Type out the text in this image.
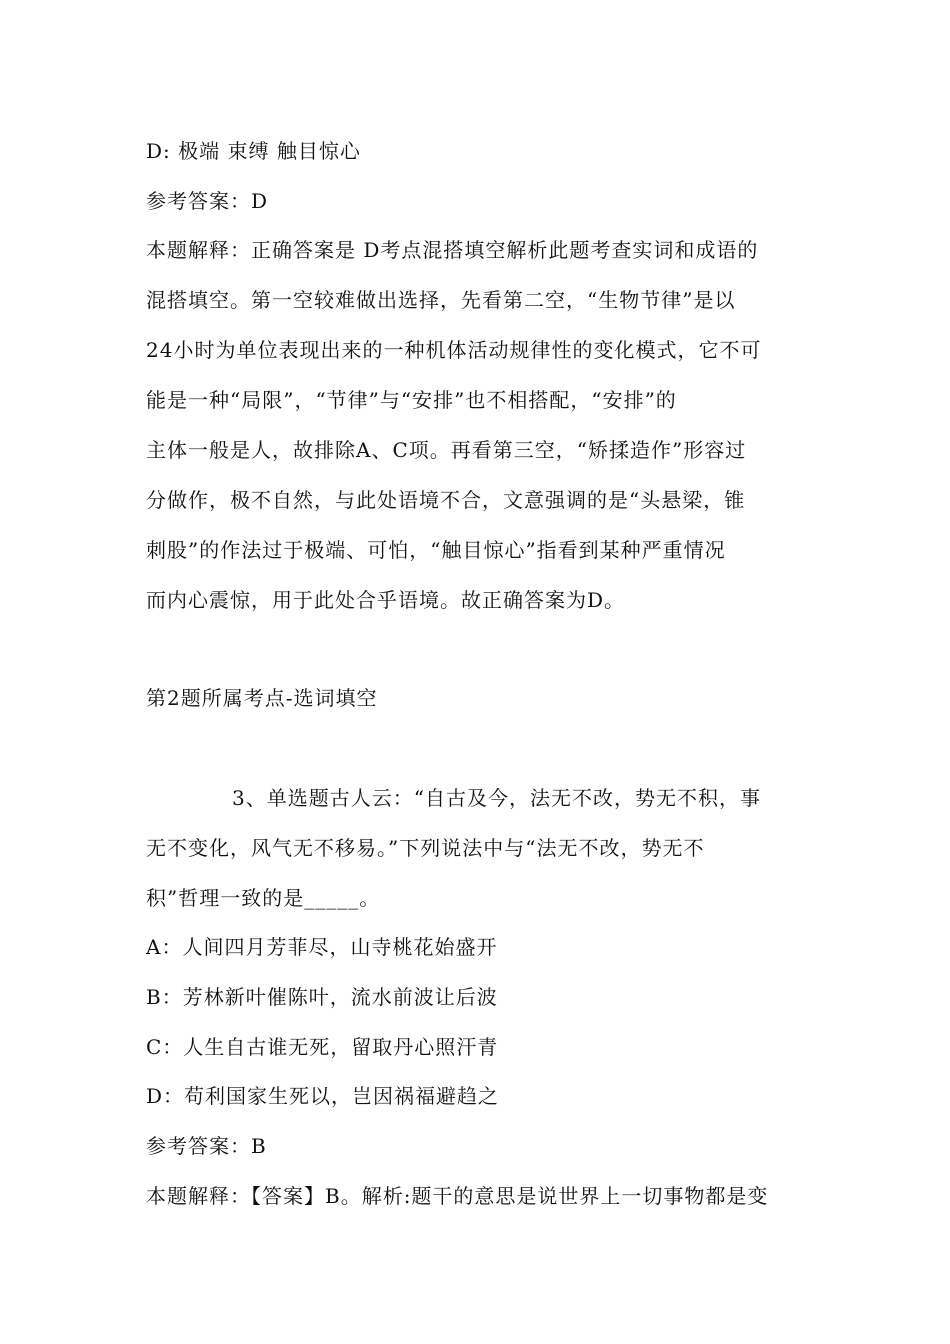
D: 极端 束缚 触目惊心
参考答案：D
本题解释：正确答案是 D考点混搭填空解析此题考查实词和成语的
混搭填空。第一空较难做出选择，先看第二空，“生物节律”是以
24小时为单位表现出来的一种机体活动规律性的变化模式，它不可
能是一种“局限”，“节律”与“安排”也不相搭配，“安排”的
主体一般是人，故排除A、C项。再看第三空，“矫揉造作”形容过
分做作，极不自然，与此处语境不合，文意强调的是“头悬梁，锥
刺股”的作法过于极端、可怕，“触目惊心”指看到某种严重情况
而内心震惊，用于此处合乎语境。故正确答案为D。
第2题所属考点-选词填空
3、单选题古人云：“自古及今，法无不改，势无不积，事
无不变化，风气无不移易。”下列说法中与“法无不改，势无不
积”哲理一致的是_____。
A：人间四月芳菲尽，山寺桃花始盛开
B：芳林新叶催陈叶，流水前波让后波
C：人生自古谁无死，留取丹心照汗青
D：苟利国家生死以，岂因祸福避趋之
参考答案：B
本题解释：【答案】B。解析:题干的意思是说世界上一切事物都是变
